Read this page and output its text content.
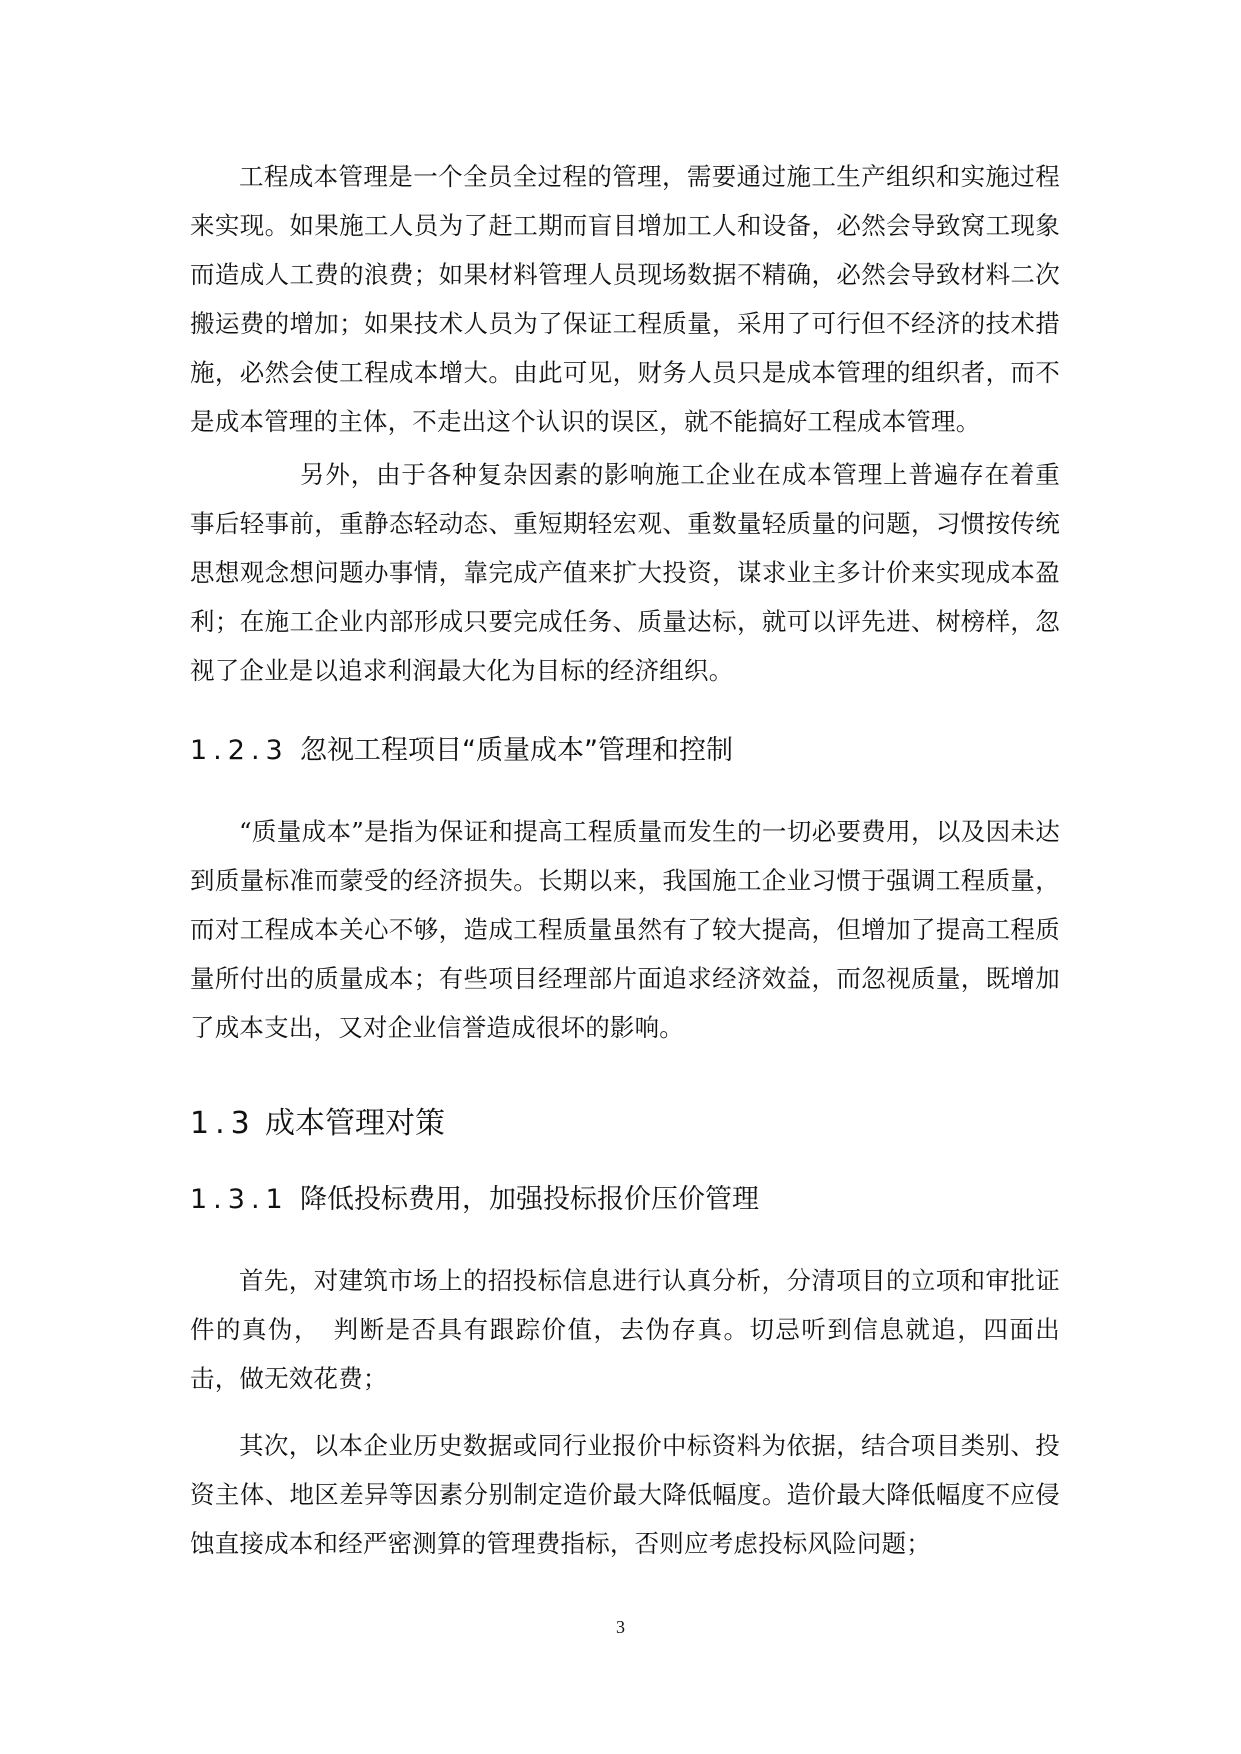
工程成本管理是一个全员全过程的管理，需要通过施工生产组织和实施过程来实现。如果施工人员为了赶工期而盲目增加工人和设备，必然会导致窝工现象而造成人工费的浪费；如果材料管理人员现场数据不精确，必然会导致材料二次搬运费的增加；如果技术人员为了保证工程质量，采用了可行但不经济的技术措施，必然会使工程成本增大。由此可见，财务人员只是成本管理的组织者，而不是成本管理的主体，不走出这个认识的误区，就不能搞好工程成本管理。

另外，由于各种复杂因素的影响施工企业在成本管理上普遍存在着重事后轻事前，重静态轻动态、重短期轻宏观、重数量轻质量的问题，习惯按传统思想观念想问题办事情，靠完成产值来扩大投资，谋求业主多计价来实现成本盈利；在施工企业内部形成只要完成任务、质量达标，就可以评先进、树榜样，忽视了企业是以追求利润最大化为目标的经济组织。

1.2.3 忽视工程项目“质量成本”管理和控制

“质量成本”是指为保证和提高工程质量而发生的一切必要费用，以及因未达到质量标准而蒙受的经济损失。长期以来，我国施工企业习惯于强调工程质量，而对工程成本关心不够，造成工程质量虽然有了较大提高，但增加了提高工程质量所付出的质量成本；有些项目经理部片面追求经济效益，而忽视质量，既增加了成本支出，又对企业信誉造成很坏的影响。

1.3 成本管理对策
1.3.1 降低投标费用，加强投标报价压价管理

首先，对建筑市场上的招投标信息进行认真分析，分清项目的立项和审批证件的真伪，　判断是否具有跟踪价值，去伪存真。切忌听到信息就追，四面出击，做无效花费；

其次，以本企业历史数据或同行业报价中标资料为依据，结合项目类别、投资主体、地区差异等因素分别制定造价最大降低幅度。造价最大降低幅度不应侵蚀直接成本和经严密测算的管理费指标，否则应考虑投标风险问题；

3
